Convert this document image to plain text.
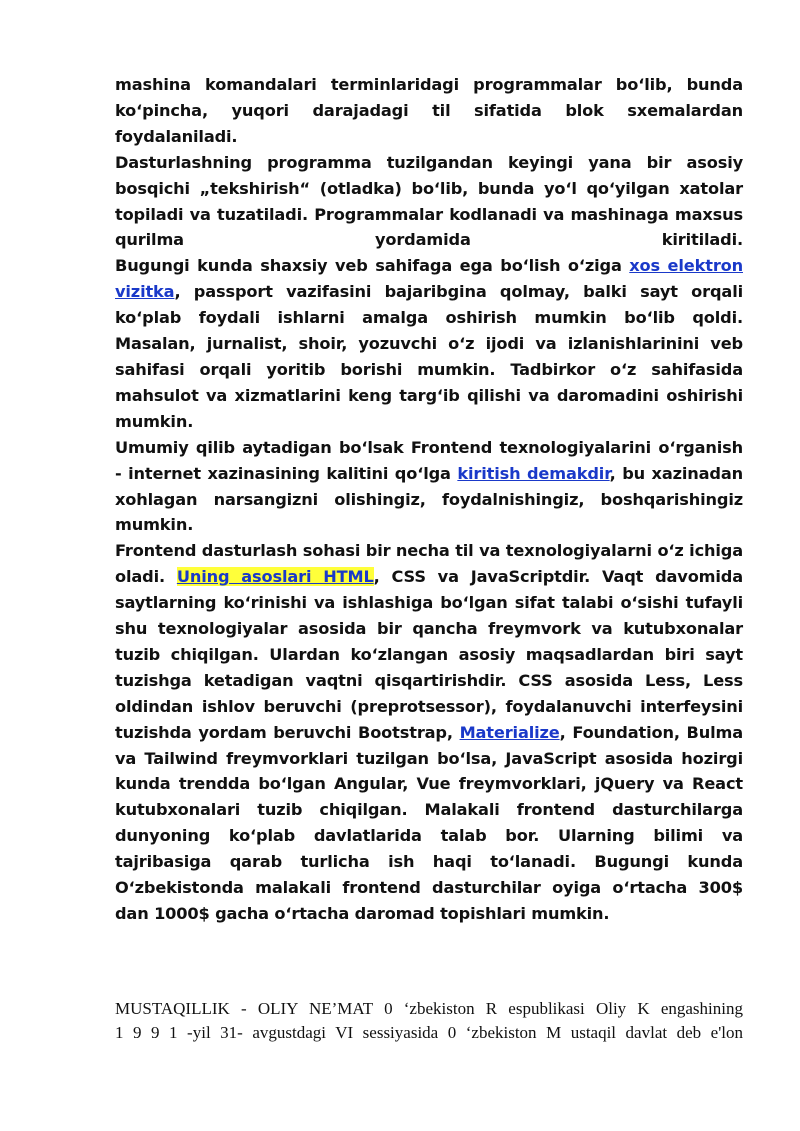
mashina komandalari terminlaridagi programmalar bo‘lib, bunda ko‘pincha, yuqori darajadagi til sifatida blok sxemalardan foydalaniladi.

Dasturlashning programma tuzilgandan keyingi yana bir asosiy bosqichi „tekshirish“ (otladka) bo‘lib, bunda yo‘l qo‘yilgan xatolar topiladi va tuzatiladi. Programmalar kodlanadi va mashinaga maxsus qurilma yordamida kiritiladi.

Bugungi kunda shaxsiy veb sahifaga ega bo‘lish o‘ziga xos elektron vizitka, passport vazifasini bajaribgina qolmay, balki sayt orqali ko‘plab foydali ishlarni amalga oshirish mumkin bo‘lib qoldi. Masalan, jurnalist, shoir, yozuvchi o‘z ijodi va izlanishlarinini veb sahifasi orqali yoritib borishi mumkin. Tadbirkor o‘z sahifasida mahsulot va xizmatlarini keng targ‘ib qilishi va daromadini oshirishi mumkin.

Umumiy qilib aytadigan bo‘lsak Frontend texnologiyalarini o‘rganish - internet xazinasining kalitini qo‘lga kiritish demakdir, bu xazinadan xohlagan narsangizni olishingiz, foydalnishingiz, boshqarishingiz mumkin.

Frontend dasturlash sohasi bir necha til va texnologiyalarni o‘z ichiga oladi. Uning asoslari HTML, CSS va JavaScriptdir. Vaqt davomida saytlarning ko‘rinishi va ishlashiga bo‘lgan sifat talabi o‘sishi tufayli shu texnologiyalar asosida bir qancha freymvork va kutubxonalar tuzib chiqilgan. Ulardan ko‘zlangan asosiy maqsadlardan biri sayt tuzishga ketadigan vaqtni qisqartirishdir. CSS asosida Less, Less oldindan ishlov beruvchi (preprotsessor), foydalanuvchi interfeysini tuzishda yordam beruvchi Bootstrap, Materialize, Foundation, Bulma va Tailwind freymvorklari tuzilgan bo‘lsa, JavaScript asosida hozirgi kunda trendda bo‘lgan Angular, Vue freymvorklari, jQuery va React kutubxonalari tuzib chiqilgan. Malakali frontend dasturchilarga dunyoning ko‘plab davlatlarida talab bor. Ularning bilimi va tajribasiga qarab turlicha ish haqi to‘lanadi. Bugungi kunda O‘zbekistonda malakali frontend dasturchilar oyiga o‘rtacha 300$ dan 1000$ gacha o‘rtacha daromad topishlari mumkin.

MUSTAQILLIK - OLIY NE’MAT 0 ‘zbekiston R espublikasi Oliy K engashining

1 9 9 1 -yil 31- avgustdagi VI sessiyasida 0 ‘zbekiston M ustaqil davlat deb e'lon
